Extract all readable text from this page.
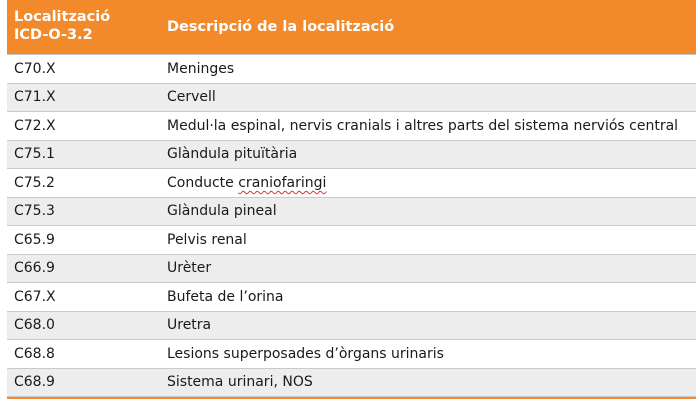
Localització
ICD-O-3.2	Descripció de la localització
C70.X	Meninges
C71.X	Cervell
C72.X	Medul·la espinal, nervis cranials i altres parts del sistema nerviós central
C75.1	Glàndula pituïtària
C75.2	Conducte craniofaringi
C75.3	Glàndula pineal
C65.9	Pelvis renal
C66.9	Urèter
C67.X	Bufeta de l’orina
C68.0	Uretra
C68.8	Lesions superposades d’òrgans urinaris
C68.9	Sistema urinari, NOS
